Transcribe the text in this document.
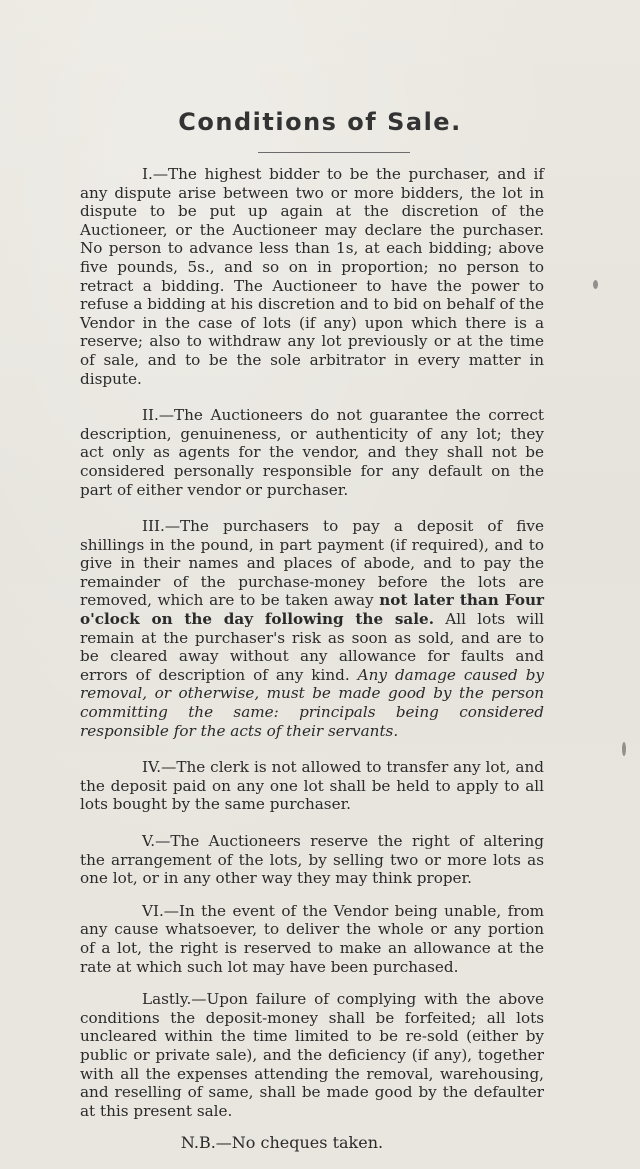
Conditions of Sale.

I.—The highest bidder to be the purchaser, and if any dispute arise between two or more bidders, the lot in dispute to be put up again at the discretion of the Auctioneer, or the Auctioneer may declare the purchaser. No person to advance less than 1s, at each bidding; above five pounds, 5s., and so on in proportion; no person to retract a bidding. The Auctioneer to have the power to refuse a bidding at his discretion and to bid on behalf of the Vendor in the case of lots (if any) upon which there is a reserve; also to withdraw any lot previously or at the time of sale, and to be the sole arbitrator in every matter in dispute.

II.—The Auctioneers do not guarantee the correct description, genuineness, or authenticity of any lot; they act only as agents for the vendor, and they shall not be considered personally responsible for any default on the part of either vendor or purchaser.

III.—The purchasers to pay a deposit of five shillings in the pound, in part payment (if required), and to give in their names and places of abode, and to pay the remainder of the purchase-money before the lots are removed, which are to be taken away not later than Four o'clock on the day following the sale. All lots will remain at the purchaser's risk as soon as sold, and are to be cleared away without any allowance for faults and errors of description of any kind. Any damage caused by removal, or otherwise, must be made good by the person committing the same: principals being considered responsible for the acts of their servants.

IV.—The clerk is not allowed to transfer any lot, and the deposit paid on any one lot shall be held to apply to all lots bought by the same purchaser.

V.—The Auctioneers reserve the right of altering the arrangement of the lots, by selling two or more lots as one lot, or in any other way they may think proper.

VI.—In the event of the Vendor being unable, from any cause whatsoever, to deliver the whole or any portion of a lot, the right is reserved to make an allowance at the rate at which such lot may have been purchased.

Lastly.—Upon failure of complying with the above conditions the deposit-money shall be forfeited; all lots uncleared within the time limited to be re-sold (either by public or private sale), and the deficiency (if any), together with all the expenses attending the removal, warehousing, and reselling of same, shall be made good by the defaulter at this present sale.

N.B.—No cheques taken.
